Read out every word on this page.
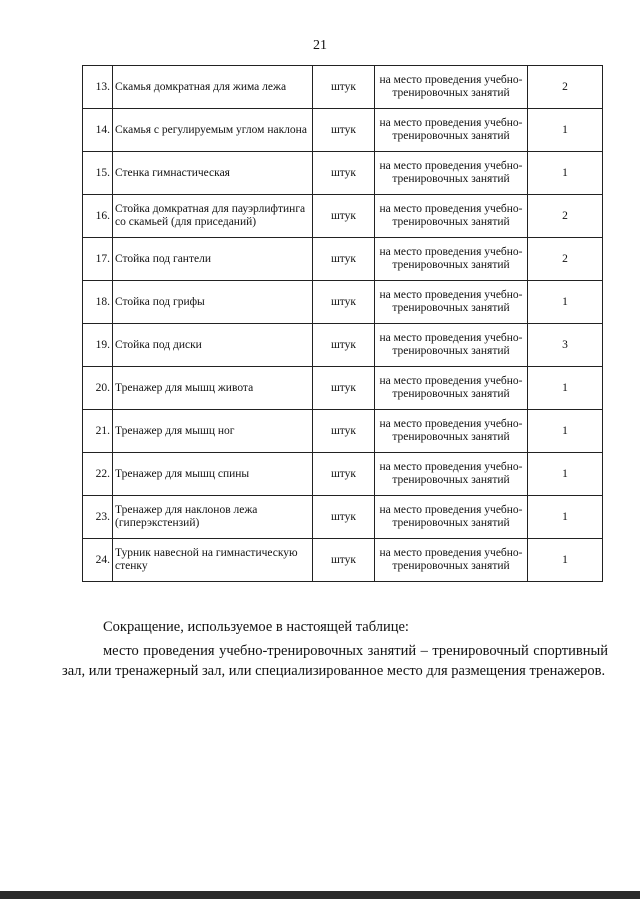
21
13.	Скамья домкратная для жима лежа	штук	на место проведения учебно-тренировочных занятий	2
14.	Скамья с регулируемым углом наклона	штук	на место проведения учебно-тренировочных занятий	1
15.	Стенка гимнастическая	штук	на место проведения учебно-тренировочных занятий	1
16.	Стойка домкратная для пауэрлифтинга со скамьей (для приседаний)	штук	на место проведения учебно-тренировочных занятий	2
17.	Стойка под гантели	штук	на место проведения учебно-тренировочных занятий	2
18.	Стойка под грифы	штук	на место проведения учебно-тренировочных занятий	1
19.	Стойка под диски	штук	на место проведения учебно-тренировочных занятий	3
20.	Тренажер для мышц живота	штук	на место проведения учебно-тренировочных занятий	1
21.	Тренажер для мышц ног	штук	на место проведения учебно-тренировочных занятий	1
22.	Тренажер для мышц спины	штук	на место проведения учебно-тренировочных занятий	1
23.	Тренажер для наклонов лежа (гиперэкстензий)	штук	на место проведения учебно-тренировочных занятий	1
24.	Турник навесной на гимнастическую стенку	штук	на место проведения учебно-тренировочных занятий	1
Сокращение, используемое в настоящей таблице:
место проведения учебно-тренировочных занятий – тренировочный спортивный зал, или тренажерный зал, или специализированное место для размещения тренажеров.
